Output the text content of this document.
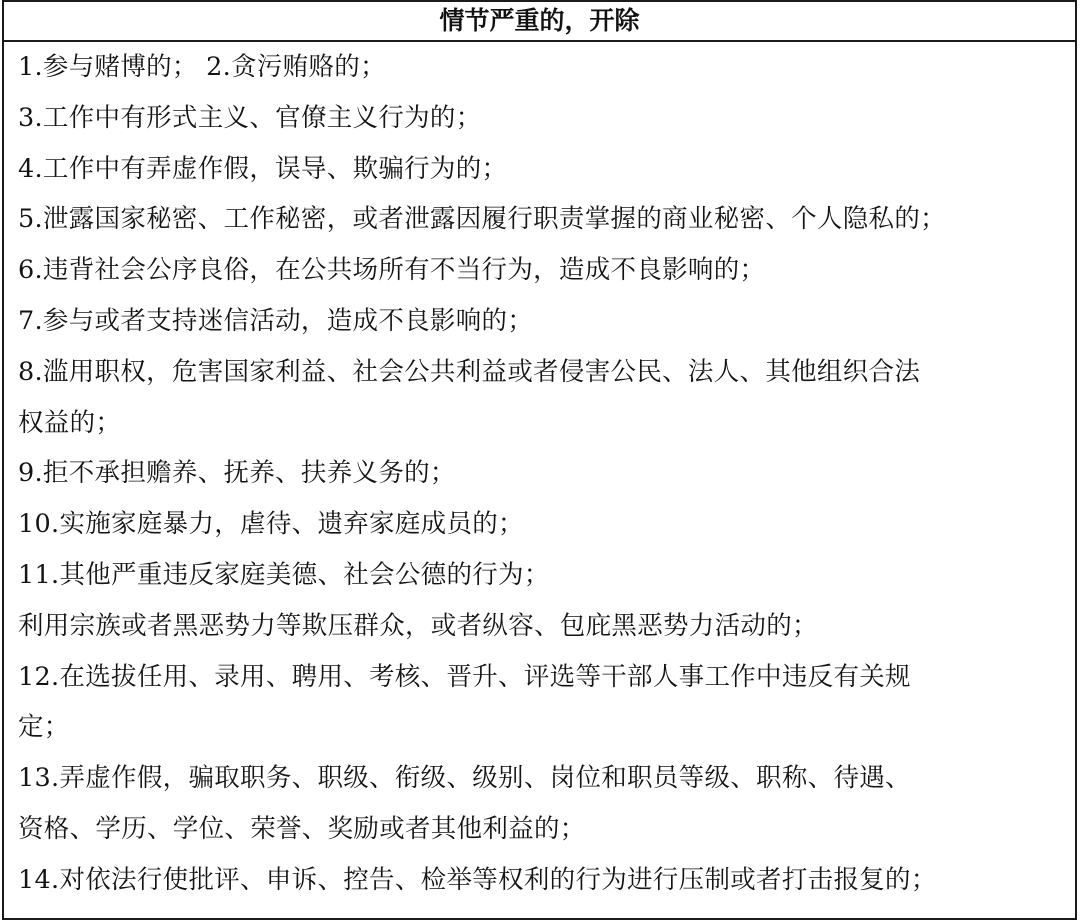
情节严重的，开除
1.参与赌博的； 2.贪污贿赂的；
3.工作中有形式主义、官僚主义行为的；
4.工作中有弄虚作假，误导、欺骗行为的；
5.泄露国家秘密、工作秘密，或者泄露因履行职责掌握的商业秘密、个人隐私的；
6.违背社会公序良俗，在公共场所有不当行为，造成不良影响的；
7.参与或者支持迷信活动，造成不良影响的；
8.滥用职权，危害国家利益、社会公共利益或者侵害公民、法人、其他组织合法
权益的；
9.拒不承担赡养、抚养、扶养义务的；
10.实施家庭暴力，虐待、遗弃家庭成员的；
11.其他严重违反家庭美德、社会公德的行为；
利用宗族或者黑恶势力等欺压群众，或者纵容、包庇黑恶势力活动的；
12.在选拔任用、录用、聘用、考核、晋升、评选等干部人事工作中违反有关规
定；
13.弄虚作假，骗取职务、职级、衔级、级别、岗位和职员等级、职称、待遇、
资格、学历、学位、荣誉、奖励或者其他利益的；
14.对依法行使批评、申诉、控告、检举等权利的行为进行压制或者打击报复的；
